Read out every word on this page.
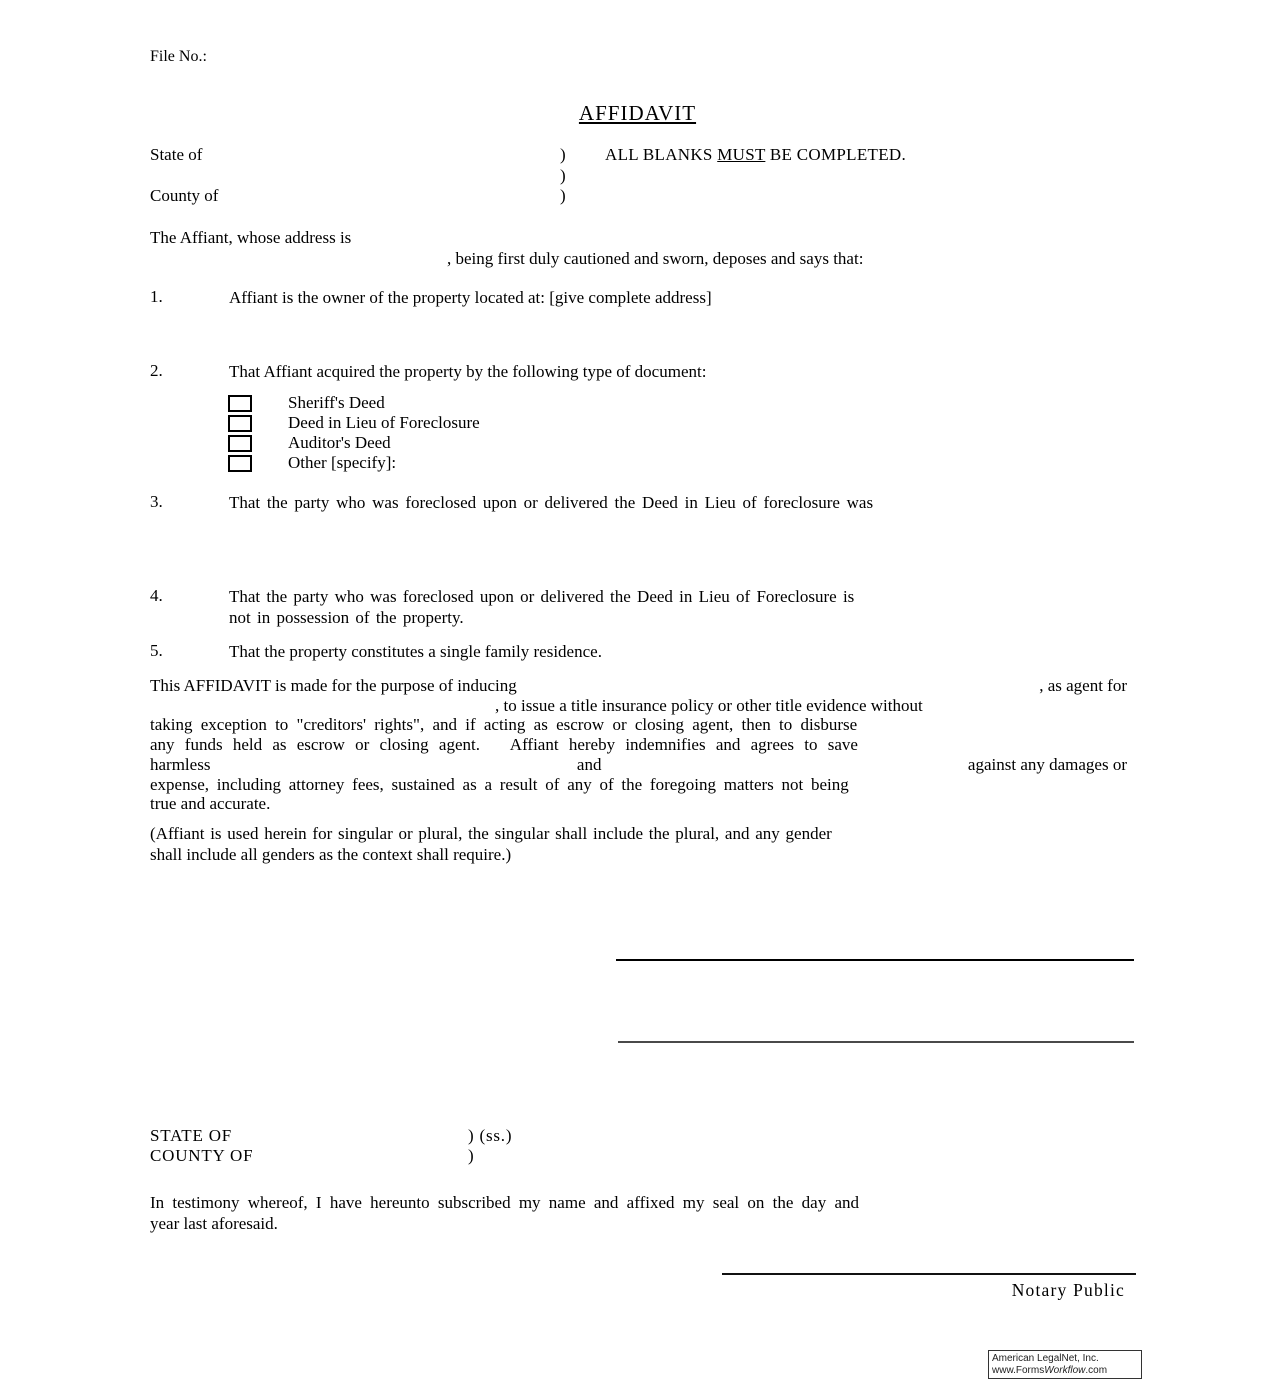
File No.:
AFFIDAVIT
State of	) ALL BLANKS MUST BE COMPLETED.
)
County of	)
The Affiant, whose address is
, being first duly cautioned and sworn, deposes and says that:
1.	Affiant is the owner of the property located at: [give complete address]
2.	That Affiant acquired the property by the following type of document:
Sheriff's Deed
Deed in Lieu of Foreclosure
Auditor's Deed
Other [specify]:
3.	That the party who was foreclosed upon or delivered the Deed in Lieu of foreclosure was
4.	That the party who was foreclosed upon or delivered the Deed in Lieu of Foreclosure is
not in possession of the property.
5.	That the property constitutes a single family residence.
This AFFIDAVIT is made for the purpose of inducing	, as agent for
, to issue a title insurance policy or other title evidence without
taking exception to "creditors' rights", and if acting as escrow or closing agent, then to disburse
any funds held as escrow or closing agent.   Affiant hereby indemnifies and agrees to save
harmless	and	against any damages or
expense, including attorney fees, sustained as a result of any of the foregoing matters not being
true and accurate.
(Affiant is used herein for singular or plural, the singular shall include the plural, and any gender
shall include all genders as the context shall require.)
STATE OF	) (ss.)
COUNTY OF	)
In testimony whereof, I have hereunto subscribed my name and affixed my seal on the day and
year last aforesaid.
Notary Public
American LegalNet, Inc.
www.FormsWorkflow.com
